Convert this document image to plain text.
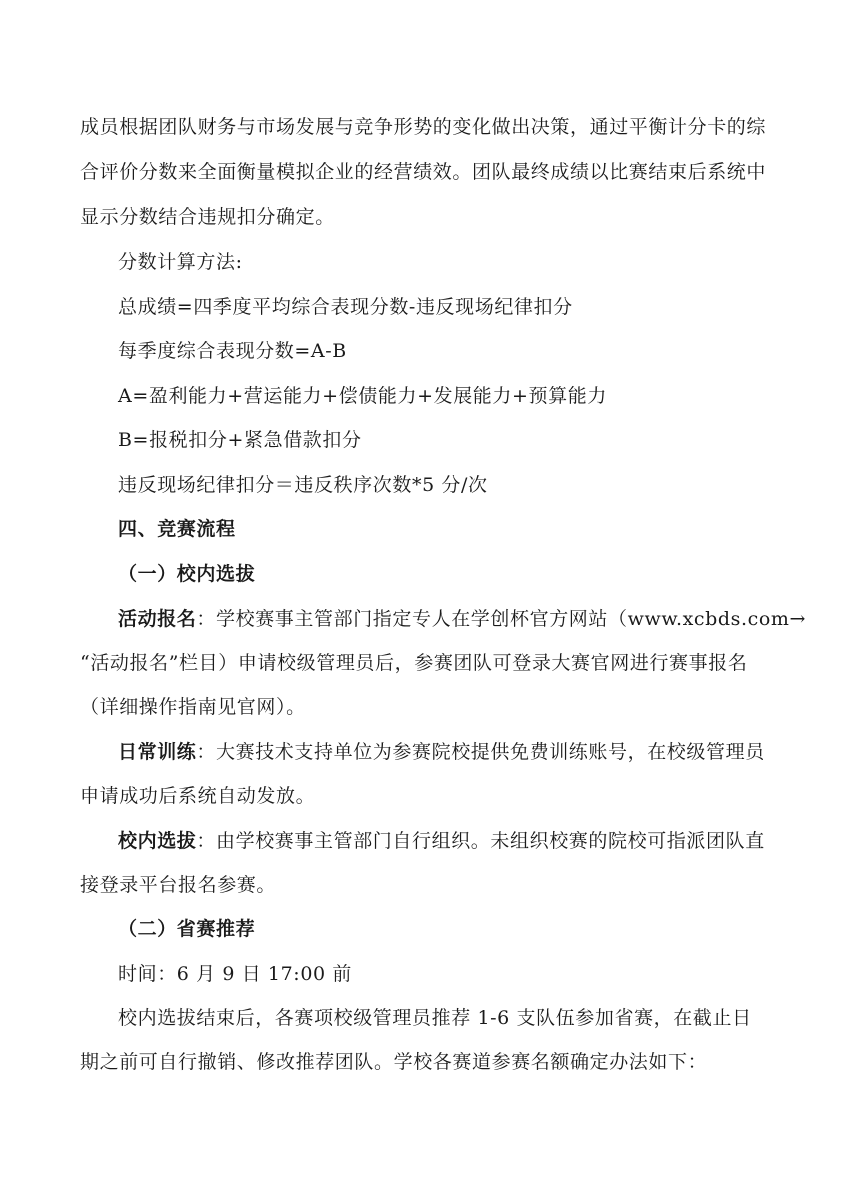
成员根据团队财务与市场发展与竞争形势的变化做出决策，通过平衡计分卡的综
合评价分数来全面衡量模拟企业的经营绩效。团队最终成绩以比赛结束后系统中
显示分数结合违规扣分确定。
分数计算方法:
总成绩=四季度平均综合表现分数-违反现场纪律扣分
每季度综合表现分数=A-B
A=盈利能力+营运能力+偿债能力+发展能力+预算能力
B=报税扣分+紧急借款扣分
违反现场纪律扣分＝违反秩序次数*5 分/次
四、竞赛流程
（一）校内选拔
活动报名：学校赛事主管部门指定专人在学创杯官方网站（www.xcbds.com→
“活动报名”栏目）申请校级管理员后，参赛团队可登录大赛官网进行赛事报名
（详细操作指南见官网）。
日常训练：大赛技术支持单位为参赛院校提供免费训练账号，在校级管理员
申请成功后系统自动发放。
校内选拔：由学校赛事主管部门自行组织。未组织校赛的院校可指派团队直
接登录平台报名参赛。
（二）省赛推荐
时间：6 月 9 日 17:00 前
校内选拔结束后，各赛项校级管理员推荐 1-6 支队伍参加省赛，在截止日
期之前可自行撤销、修改推荐团队。学校各赛道参赛名额确定办法如下：
